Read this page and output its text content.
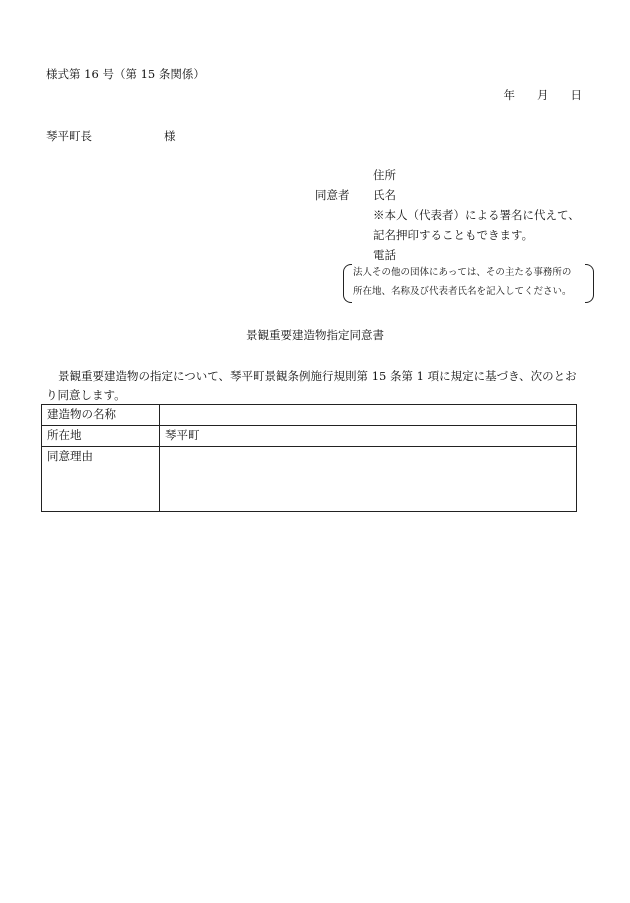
様式第 16 号（第 15 条関係）
年 月 日
琴平町長	様
同意者
住所
氏名
※本人（代表者）による署名に代えて、
記名押印することもできます。
電話
法人その他の団体にあっては、その主たる事務所の
所在地、名称及び代表者氏名を記入してください。
景観重要建造物指定同意書
景観重要建造物の指定について、琴平町景観条例施行規則第 15 条第 1 項に規定に基づき、次のとおり同意します。
建造物の名称	
所在地	琴平町
同意理由	
